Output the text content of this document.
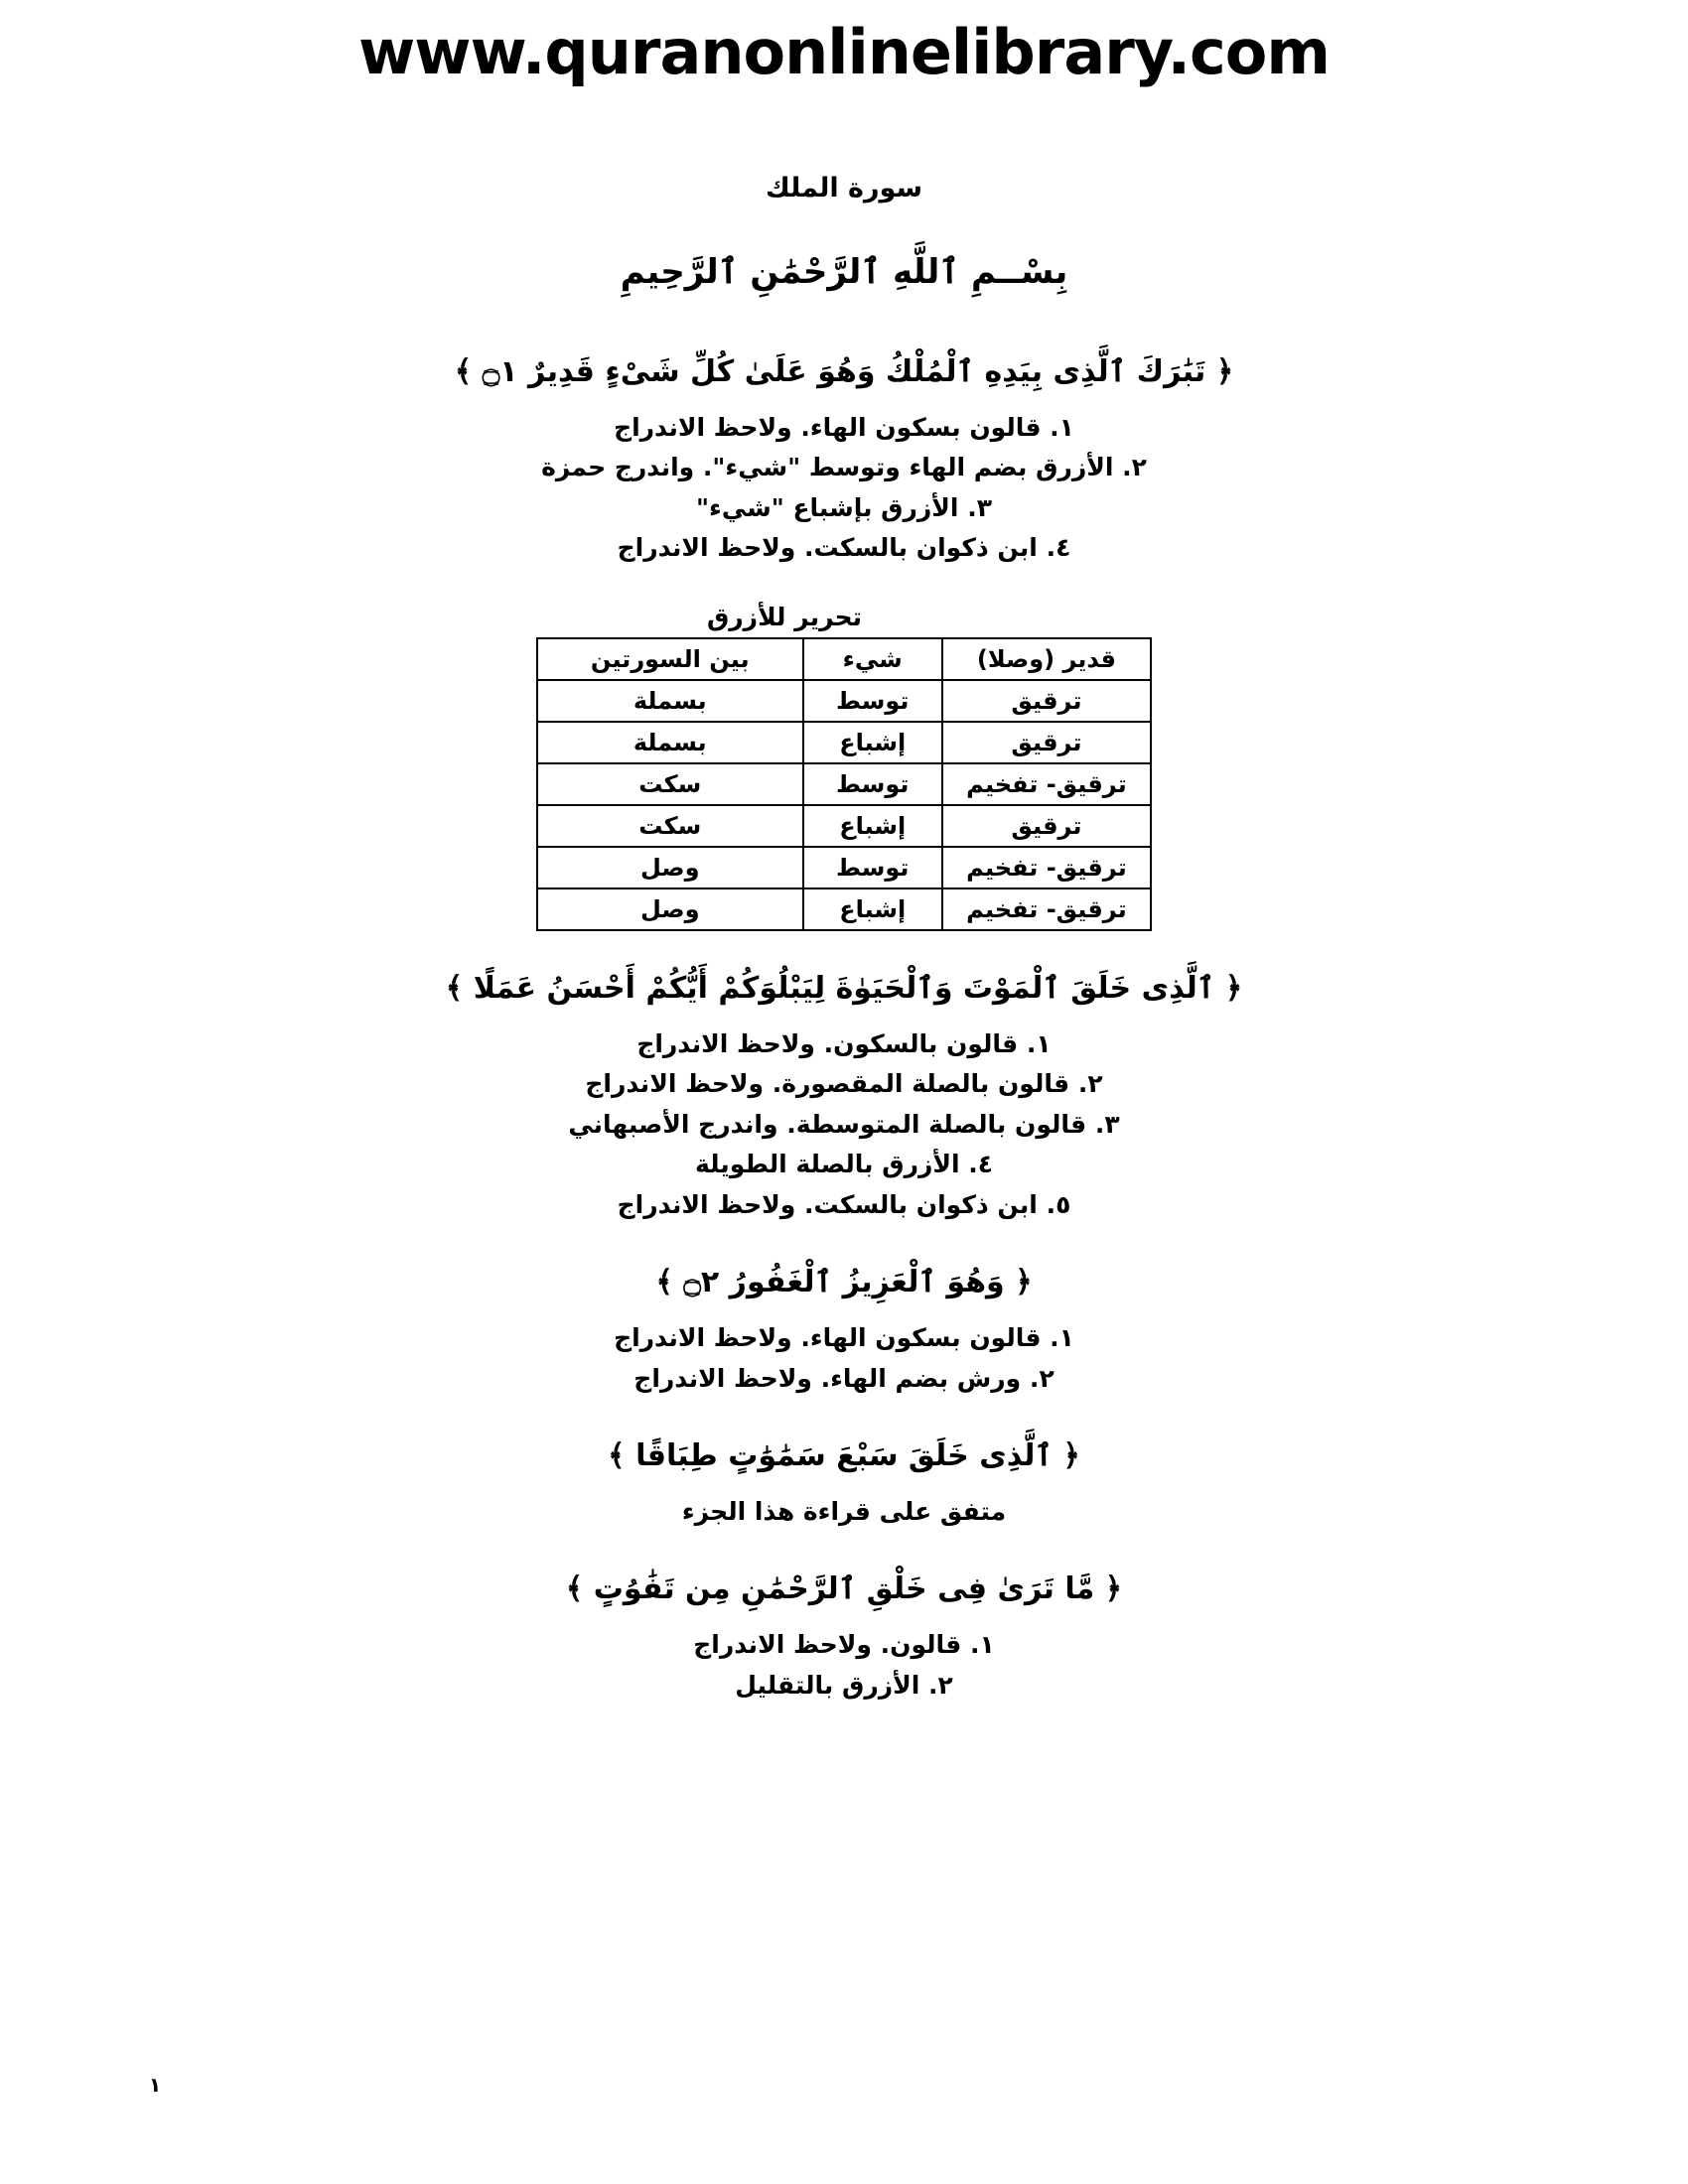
www.quranonlinelibrary.com
سورة الملك
بِسْــمِ ٱللَّهِ ٱلرَّحْمَٰنِ ٱلرَّحِيمِ
﴿ تَبَٰرَكَ ٱلَّذِى بِيَدِهِ ٱلْمُلْكُ وَهُوَ عَلَىٰ كُلِّ شَىْءٍ قَدِيرٌ ۝١ ﴾
١. قالون بسكون الهاء. ولاحظ الاندراج
٢. الأزرق بضم الهاء وتوسط "شيء". واندرج حمزة
٣. الأزرق بإشباع "شيء"
٤. ابن ذكوان بالسكت. ولاحظ الاندراج
تحرير للأزرق
قدير (وصلا)	شيء	بين السورتين
ترقيق	توسط	بسملة
ترقيق	إشباع	بسملة
ترقيق- تفخيم	توسط	سكت
ترقيق	إشباع	سكت
ترقيق- تفخيم	توسط	وصل
ترقيق- تفخيم	إشباع	وصل
﴿ ٱلَّذِى خَلَقَ ٱلْمَوْتَ وَٱلْحَيَوٰةَ لِيَبْلُوَكُمْ أَيُّكُمْ أَحْسَنُ عَمَلًا ﴾
١. قالون بالسكون. ولاحظ الاندراج
٢. قالون بالصلة المقصورة. ولاحظ الاندراج
٣. قالون بالصلة المتوسطة. واندرج الأصبهاني
٤. الأزرق بالصلة الطويلة
٥. ابن ذكوان بالسكت. ولاحظ الاندراج
﴿ وَهُوَ ٱلْعَزِيزُ ٱلْغَفُورُ ۝٢ ﴾
١. قالون بسكون الهاء. ولاحظ الاندراج
٢. ورش بضم الهاء. ولاحظ الاندراج
﴿ ٱلَّذِى خَلَقَ سَبْعَ سَمَٰوَٰتٍ طِبَاقًا ﴾
متفق على قراءة هذا الجزء
﴿ مَّا تَرَىٰ فِى خَلْقِ ٱلرَّحْمَٰنِ مِن تَفَٰوُتٍ ﴾
١. قالون. ولاحظ الاندراج
٢. الأزرق بالتقليل
١
